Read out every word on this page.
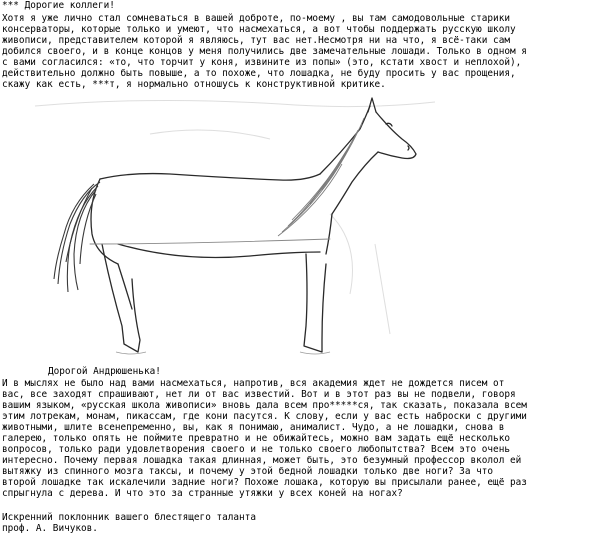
*** Дорогие коллеги!
Хотя я уже лично стал сомневаться в вашей доброте, по-моему , вы там самодовольные старики
консерваторы, которые только и умеют, что насмехаться, а вот чтобы поддержать русскую школу
живописи, представителем которой я являюсь, тут вас нет.Несмотря ни на что, я всё-таки сам
добился своего, и в конце концов у меня получились две замечательные лошади. Только в одном я
с вами согласился: «то, что торчит у коня, извините из попы» (это, кстати хвост и неплохой),
действительно должно быть повыше, а то похоже, что лошадка, не буду просить у вас прощения,
скажу как есть, ***т, я нормально отношусь к конструктивной критике.
Дорогой Андрюшенька!
И в мыслях не было над вами насмехаться, напротив, вся академия ждет не дождется писем от
вас, все заходят спрашивают, нет ли от вас известий. Вот и в этот раз вы не подвели, говоря
вашим языком, «русская школа живописи» вновь дала всем про*****ся, так сказать, показала всем
этим лотрекам, монам, пикассам, где кони пасутся. К слову, если у вас есть наброски с другими
животными, шлите всенепременно, вы, как я понимаю, анималист. Чудо, а не лошадки, снова в
галерею, только опять не поймите превратно и не обижайтесь, можно вам задать ещё несколько
вопросов, только ради удовлетворения своего и не только своего любопытства? Всем это очень
интересно. Почему первая лошадка такая длинная, может быть, это безумный профессор вколол ей
вытяжку из спинного мозга таксы, и почему у этой бедной лошадки только две ноги? За что
второй лошадке так искалечили задние ноги? Похоже лошака, которую вы присылали ранее, ещё раз
спрыгнула с дерева. И что это за странные утяжки у всех коней на ногах?
Искренний поклонник вашего блестящего таланта
проф. А. Вичуков.
